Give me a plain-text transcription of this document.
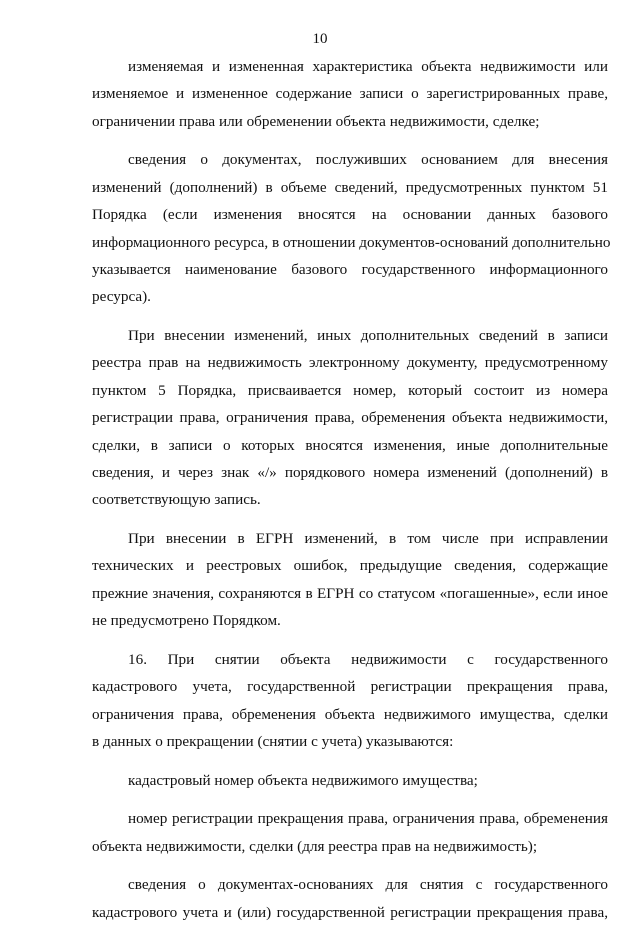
10
изменяемая и измененная характеристика объекта недвижимости или
изменяемое и измененное содержание записи о зарегистрированных праве,
ограничении права или обременении объекта недвижимости, сделке;
сведения о документах, послуживших основанием для внесения
изменений (дополнений) в объеме сведений, предусмотренных пунктом 51
Порядка (если изменения вносятся на основании данных базового
информационного ресурса, в отношении документов-оснований дополнительно
указывается наименование базового государственного информационного
ресурса).
При внесении изменений, иных дополнительных сведений в записи
реестра прав на недвижимость электронному документу, предусмотренному
пунктом 5 Порядка, присваивается номер, который состоит из номера
регистрации права, ограничения права, обременения объекта недвижимости,
сделки, в записи о которых вносятся изменения, иные дополнительные
сведения, и через знак «/» порядкового номера изменений (дополнений) в
соответствующую запись.
При внесении в ЕГРН изменений, в том числе при исправлении
технических и реестровых ошибок, предыдущие сведения, содержащие
прежние значения, сохраняются в ЕГРН со статусом «погашенные», если иное
не предусмотрено Порядком.
16. При снятии объекта недвижимости с государственного
кадастрового учета, государственной регистрации прекращения права,
ограничения права, обременения объекта недвижимого имущества, сделки
в данных о прекращении (снятии с учета) указываются:
кадастровый номер объекта недвижимого имущества;
номер регистрации прекращения права, ограничения права, обременения
объекта недвижимости, сделки (для реестра прав на недвижимость);
сведения о документах-основаниях для снятия с государственного
кадастрового учета и (или) государственной регистрации прекращения права,
